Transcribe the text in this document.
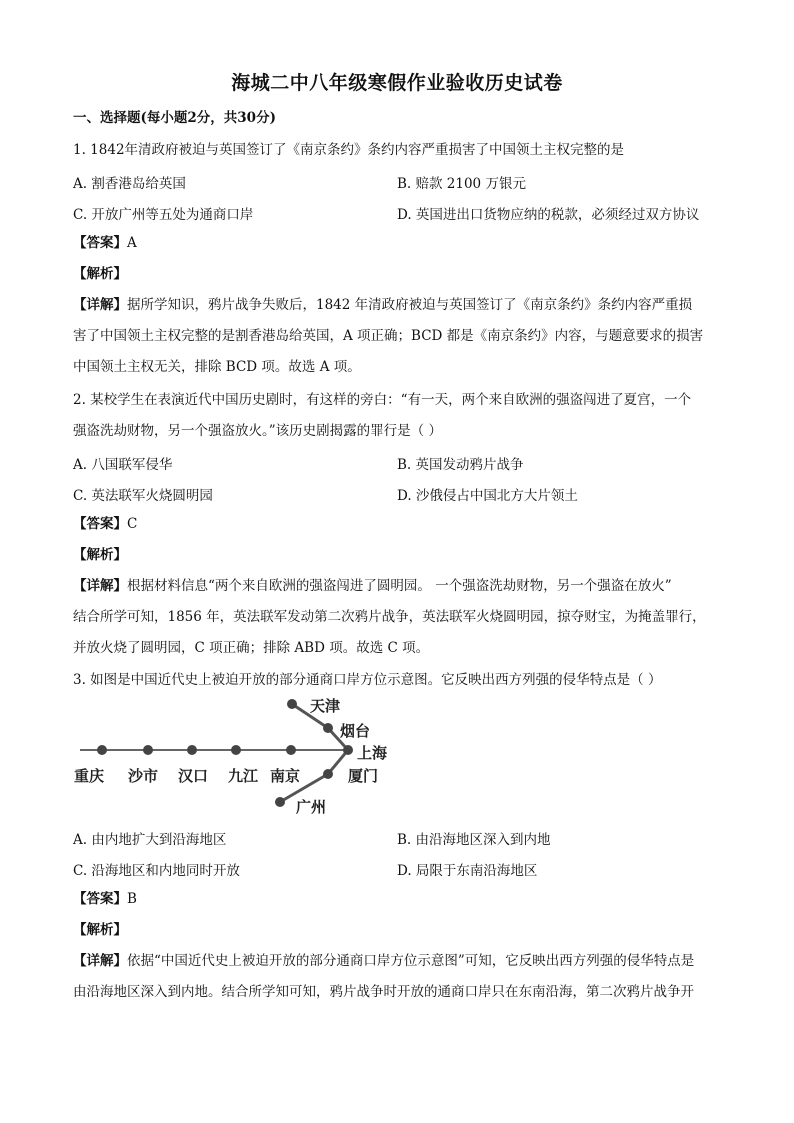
海城二中八年级寒假作业验收历史试卷
一、选择题(每小题2分，共30分)
1. 1842年清政府被迫与英国签订了《南京条约》条约内容严重损害了中国领土主权完整的是
A. 割香港岛给英国	B. 赔款 2100 万银元
C. 开放广州等五处为通商口岸	D. 英国进出口货物应纳的税款，必须经过双方协议
【答案】A
【解析】
【详解】据所学知识，鸦片战争失败后，1842 年清政府被迫与英国签订了《南京条约》条约内容严重损
害了中国领土主权完整的是割香港岛给英国，A 项正确；BCD 都是《南京条约》内容，与题意要求的损害
中国领土主权无关，排除 BCD 项。故选 A 项。
2. 某校学生在表演近代中国历史剧时，有这样的旁白：“有一天，两个来自欧洲的强盗闯进了夏宫，一个
强盗洗劫财物，另一个强盗放火。”该历史剧揭露的罪行是（ ）
A. 八国联军侵华	B. 英国发动鸦片战争
C. 英法联军火烧圆明园	D. 沙俄侵占中国北方大片领土
【答案】C
【解析】
【详解】根据材料信息“两个来自欧洲的强盗闯进了圆明园。 一个强盗洗劫财物，另一个强盗在放火”
结合所学可知，1856 年，英法联军发动第二次鸦片战争，英法联军火烧圆明园，掠夺财宝，为掩盖罪行，
并放火烧了圆明园，C 项正确；排除 ABD 项。故选 C 项。
3. 如图是中国近代史上被迫开放的部分通商口岸方位示意图。它反映出西方列强的侵华特点是（ ）
天津
烟台
上海
厦门
广州
重庆 沙市 汉口 九江 南京
A. 由内地扩大到沿海地区	B. 由沿海地区深入到内地
C. 沿海地区和内地同时开放	D. 局限于东南沿海地区
【答案】B
【解析】
【详解】依据“中国近代史上被迫开放的部分通商口岸方位示意图”可知，它反映出西方列强的侵华特点是
由沿海地区深入到内地。结合所学知可知，鸦片战争时开放的通商口岸只在东南沿海，第二次鸦片战争开
